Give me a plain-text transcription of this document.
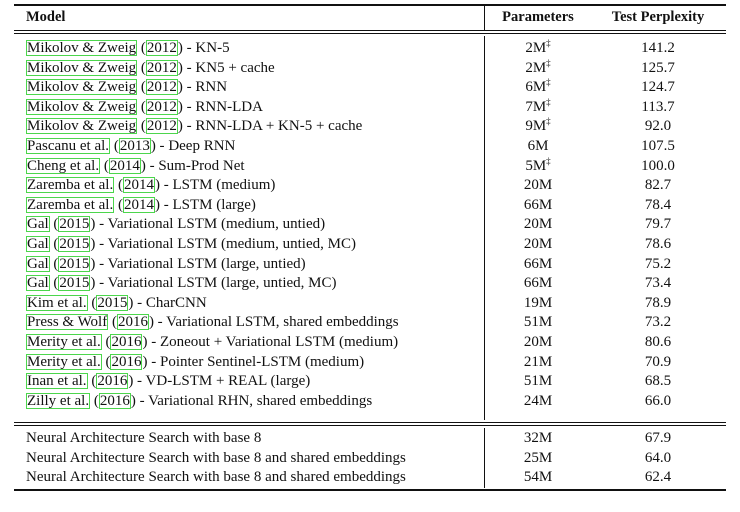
Model	Parameters	Test Perplexity
Mikolov & Zweig (2012) - KN-5	2M‡	141.2
Mikolov & Zweig (2012) - KN5 + cache	2M‡	125.7
Mikolov & Zweig (2012) - RNN	6M‡	124.7
Mikolov & Zweig (2012) - RNN-LDA	7M‡	113.7
Mikolov & Zweig (2012) - RNN-LDA + KN-5 + cache	9M‡	92.0
Pascanu et al. (2013) - Deep RNN	6M	107.5
Cheng et al. (2014) - Sum-Prod Net	5M‡	100.0
Zaremba et al. (2014) - LSTM (medium)	20M	82.7
Zaremba et al. (2014) - LSTM (large)	66M	78.4
Gal (2015) - Variational LSTM (medium, untied)	20M	79.7
Gal (2015) - Variational LSTM (medium, untied, MC)	20M	78.6
Gal (2015) - Variational LSTM (large, untied)	66M	75.2
Gal (2015) - Variational LSTM (large, untied, MC)	66M	73.4
Kim et al. (2015) - CharCNN	19M	78.9
Press & Wolf (2016) - Variational LSTM, shared embeddings	51M	73.2
Merity et al. (2016) - Zoneout + Variational LSTM (medium)	20M	80.6
Merity et al. (2016) - Pointer Sentinel-LSTM (medium)	21M	70.9
Inan et al. (2016) - VD-LSTM + REAL (large)	51M	68.5
Zilly et al. (2016) - Variational RHN, shared embeddings	24M	66.0
Neural Architecture Search with base 8	32M	67.9
Neural Architecture Search with base 8 and shared embeddings	25M	64.0
Neural Architecture Search with base 8 and shared embeddings	54M	62.4
